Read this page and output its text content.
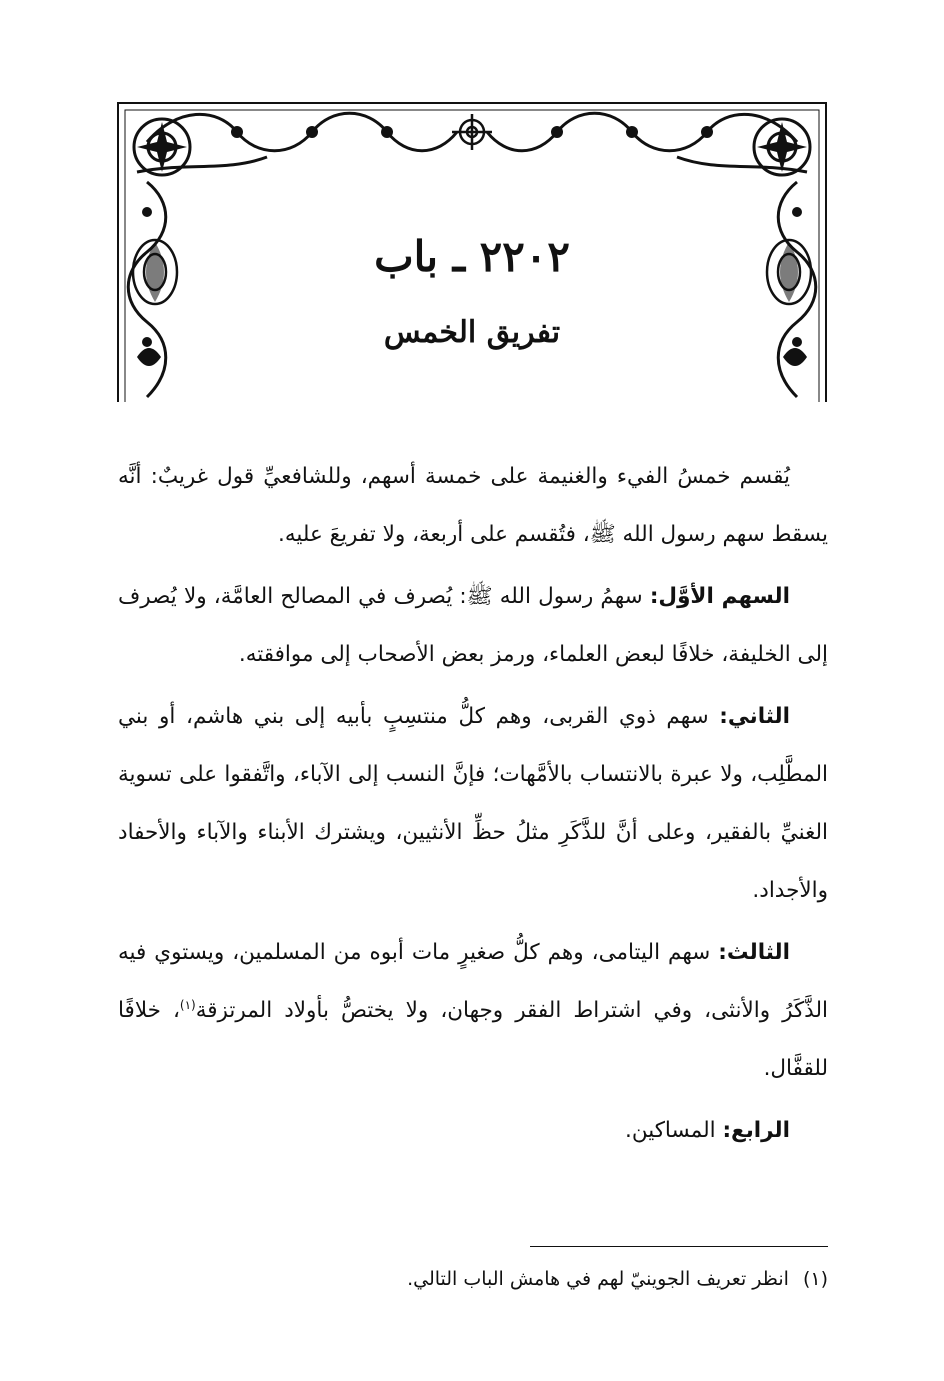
٢٢٠٢ ـ باب
تفريق الخمس

يُقسم خمسُ الفيء والغنيمة على خمسة أسهم، وللشافعيِّ قول غريبٌ: أنَّه يسقط سهم رسول الله ﷺ، فتُقسم على أربعة، ولا تفريعَ عليه.

السهم الأوَّل: سهمُ رسول الله ﷺ: يُصرف في المصالح العامَّة، ولا يُصرف إلى الخليفة، خلافًا لبعض العلماء، ورمز بعض الأصحاب إلى موافقته.

الثاني: سهم ذوي القربى، وهم كلُّ منتسِبٍ بأبيه إلى بني هاشم، أو بني المطَّلِب، ولا عبرة بالانتساب بالأمَّهات؛ فإنَّ النسب إلى الآباء، واتَّفقوا على تسوية الغنيِّ بالفقير، وعلى أنَّ للذَّكَرِ مثلُ حظِّ الأنثيين، ويشترك الأبناء والآباء والأحفاد والأجداد.

الثالث: سهم اليتامى، وهم كلُّ صغيرٍ مات أبوه من المسلمين، ويستوي فيه الذَّكَرُ والأنثى، وفي اشتراط الفقر وجهان، ولا يختصُّ بأولاد المرتزقة$^{(١)}$، خلافًا للقفَّال.

الرابع: المساكين.

(١)انظر تعريف الجوينيّ لهم في هامش الباب التالي.
